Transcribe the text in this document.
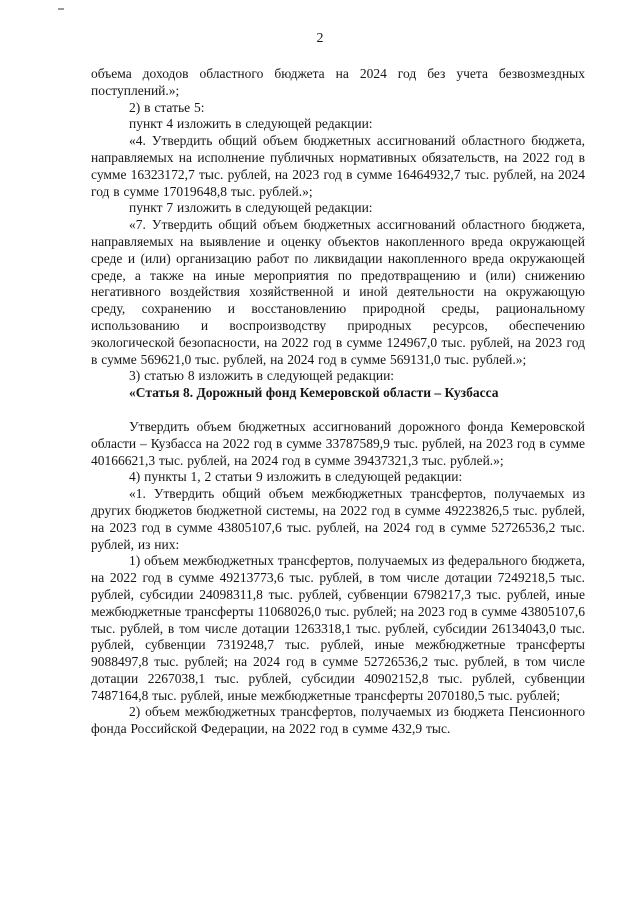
2

объема доходов областного бюджета на 2024 год без учета безвозмездных поступлений.»;

2) в статье 5:

пункт 4 изложить в следующей редакции:

«4. Утвердить общий объем бюджетных ассигнований областного бюджета, направляемых на исполнение публичных нормативных обязательств, на 2022 год в сумме 16323172,7 тыс. рублей, на 2023 год в сумме 16464932,7 тыс. рублей, на 2024 год в сумме 17019648,8 тыс. рублей.»;

пункт 7 изложить в следующей редакции:

«7. Утвердить общий объем бюджетных ассигнований областного бюджета, направляемых на выявление и оценку объектов накопленного вреда окружающей среде и (или) организацию работ по ликвидации накопленного вреда окружающей среде, а также на иные мероприятия по предотвращению и (или) снижению негативного воздействия хозяйственной и иной деятельности на окружающую среду, сохранению и восстановлению природной среды, рациональному использованию и воспроизводству природных ресурсов, обеспечению экологической безопасности, на 2022 год в сумме 124967,0 тыс. рублей, на 2023 год в сумме 569621,0 тыс. рублей, на 2024 год в сумме 569131,0 тыс. рублей.»;

3) статью 8 изложить в следующей редакции:

«Статья 8. Дорожный фонд Кемеровской области – Кузбасса

Утвердить объем бюджетных ассигнований дорожного фонда Кемеровской области – Кузбасса на 2022 год в сумме 33787589,9 тыс. рублей, на 2023 год в сумме 40166621,3 тыс. рублей, на 2024 год в сумме 39437321,3 тыс. рублей.»;

4) пункты 1, 2 статьи 9 изложить в следующей редакции:

«1. Утвердить общий объем межбюджетных трансфертов, получаемых из других бюджетов бюджетной системы, на 2022 год в сумме 49223826,5 тыс. рублей, на 2023 год в сумме 43805107,6 тыс. рублей, на 2024 год в сумме 52726536,2 тыс. рублей, из них:

1) объем межбюджетных трансфертов, получаемых из федерального бюджета, на 2022 год в сумме 49213773,6 тыс. рублей, в том числе дотации 7249218,5 тыс. рублей, субсидии 24098311,8 тыс. рублей, субвенции 6798217,3 тыс. рублей, иные межбюджетные трансферты 11068026,0 тыс. рублей; на 2023 год в сумме 43805107,6 тыс. рублей, в том числе дотации 1263318,1 тыс. рублей, субсидии 26134043,0 тыс. рублей, субвенции 7319248,7 тыс. рублей, иные межбюджетные трансферты 9088497,8 тыс. рублей; на 2024 год в сумме 52726536,2 тыс. рублей, в том числе дотации 2267038,1 тыс. рублей, субсидии 40902152,8 тыс. рублей, субвенции 7487164,8 тыс. рублей, иные межбюджетные трансферты 2070180,5 тыс. рублей;

2) объем межбюджетных трансфертов, получаемых из бюджета Пенсионного фонда Российской Федерации, на 2022 год в сумме 432,9 тыс.
